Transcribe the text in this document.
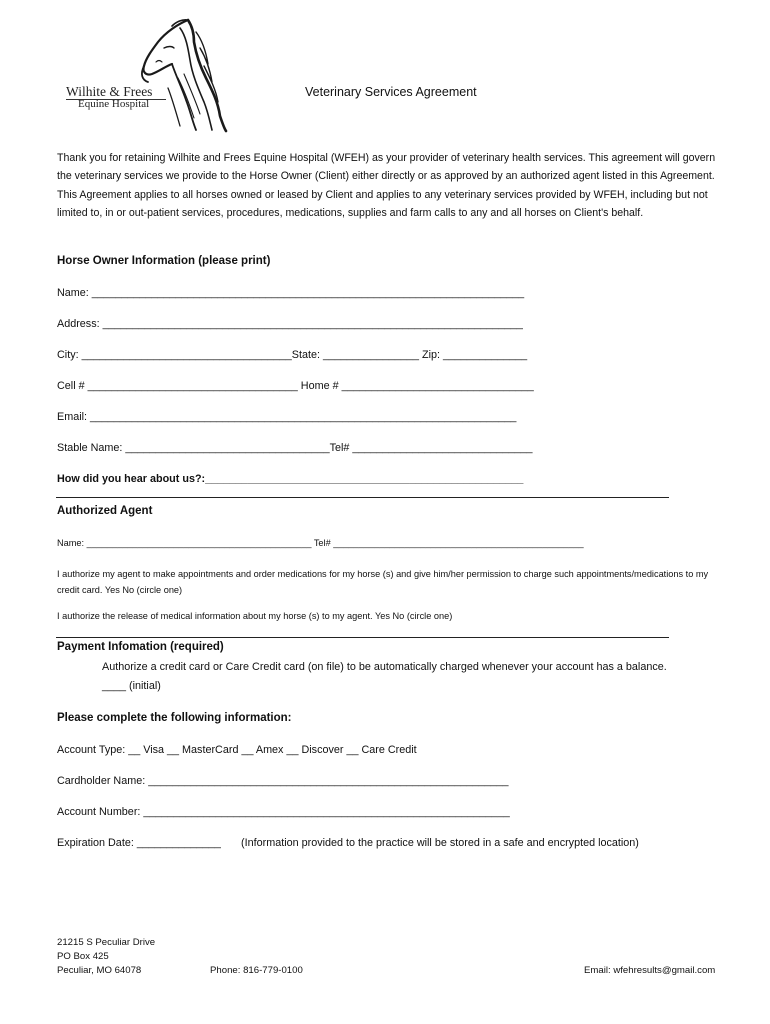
Wilhite & Frees
Equine Hospital
Veterinary Services Agreement
Thank you for retaining Wilhite and Frees Equine Hospital (WFEH) as your provider of veterinary health services. This agreement will govern the veterinary services we provide to the Horse Owner (Client) either directly or as approved by an authorized agent listed in this Agreement. This Agreement applies to all horses owned or leased by Client and applies to any veterinary services provided by WFEH, including but not limited to, in or out-patient services, procedures, medications, supplies and farm calls to any and all horses on Client's behalf.
Horse Owner Information (please print)
Name: ________________________________________________________________________
Address: ______________________________________________________________________
City: ___________________________________State: ________________ Zip: ______________
Cell # ___________________________________ Home # ________________________________
Email: _______________________________________________________________________
Stable Name: __________________________________Tel# ______________________________
How did you hear about us?:_____________________________________________________
Authorized Agent
Name: ____________________________________________ Tel# _________________________________________________
I authorize my agent to make appointments and order medications for my horse (s) and give him/her permission to charge such appointments/medications to my credit card. Yes No (circle one)
I authorize the release of medical information about my horse (s) to my agent. Yes No (circle one)
Payment Infomation (required)
Authorize a credit card or Care Credit card (on file) to be automatically charged whenever your account has a balance.
____ (initial)
Please complete the following information:
Account Type: __ Visa __ MasterCard __ Amex __ Discover __ Care Credit
Cardholder Name: ____________________________________________________________
Account Number: _____________________________________________________________
Expiration Date: ______________ (Information provided to the practice will be stored in a safe and encrypted location)
21215 S Peculiar Drive
PO Box 425
Peculiar, MO 64078	Phone: 816-779-0100	Email: wfehresults@gmail.com
